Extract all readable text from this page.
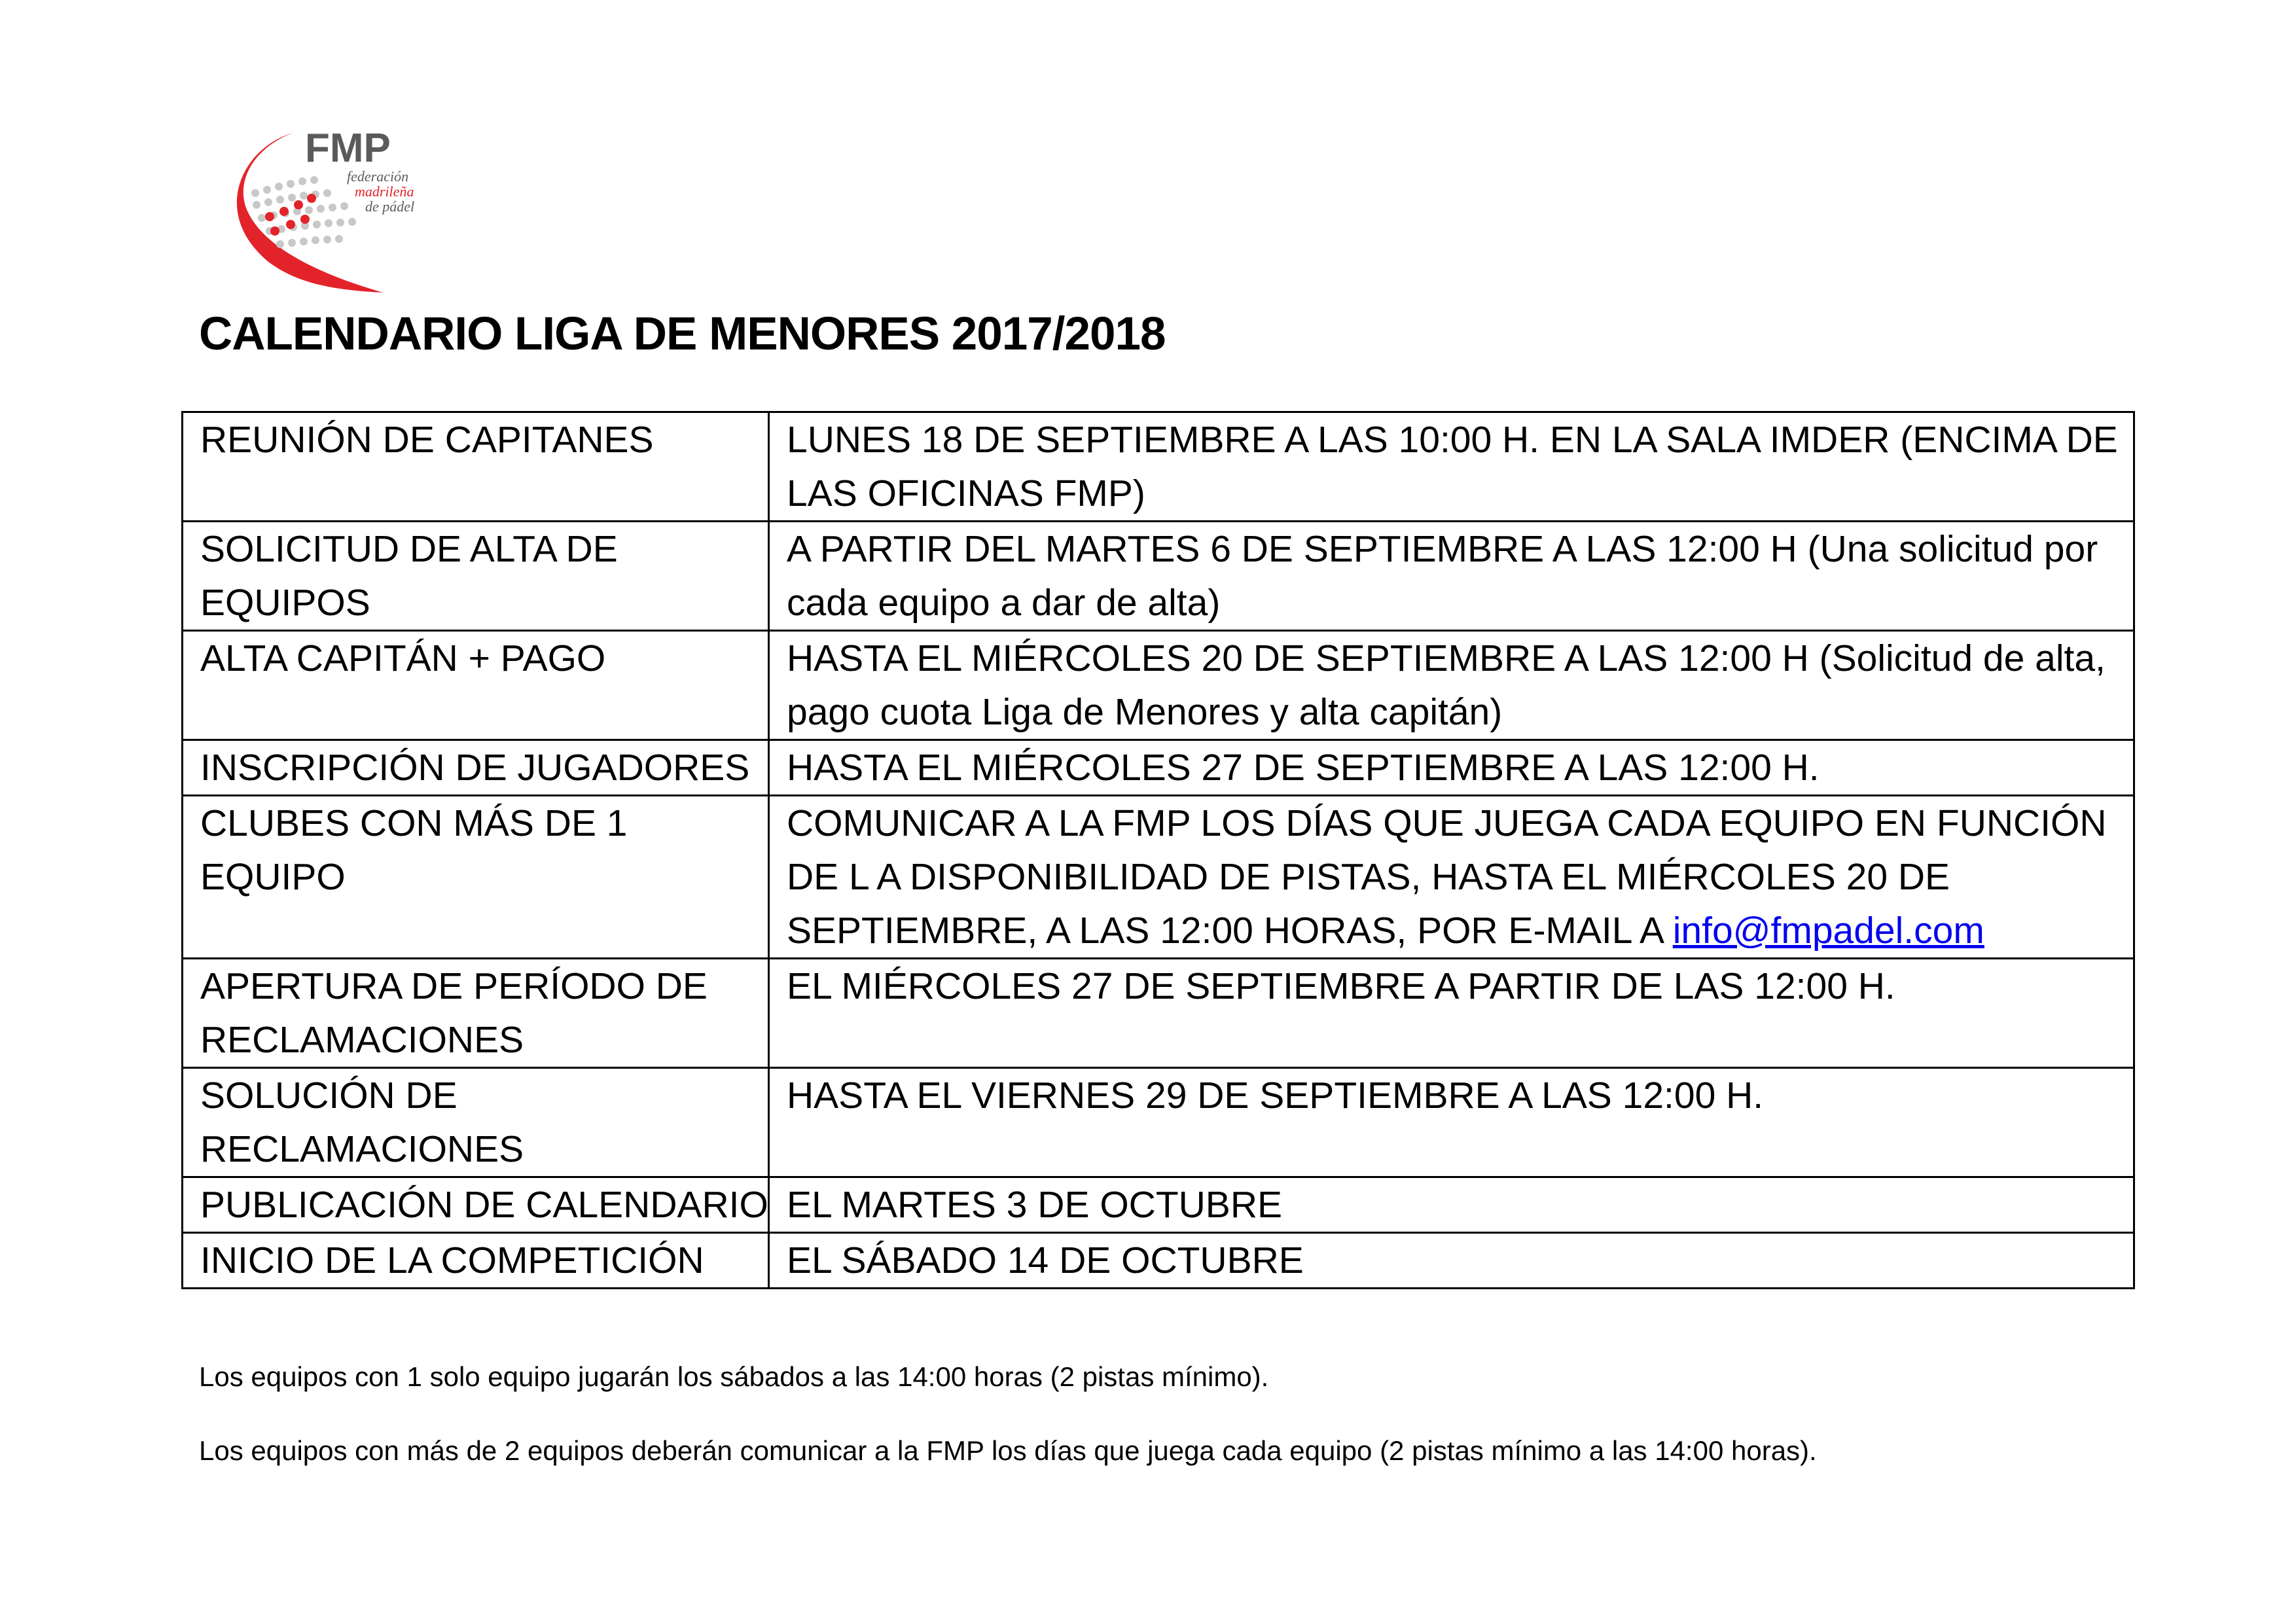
FMP
federación
madrileña
de pádel
CALENDARIO LIGA DE MENORES 2017/2018
REUNIÓN DE CAPITANES	LUNES 18 DE SEPTIEMBRE A LAS 10:00 H. EN LA SALA IMDER (ENCIMA DE
LAS OFICINAS FMP)

SOLICITUD DE ALTA DE
EQUIPOS	A PARTIR DEL MARTES 6 DE SEPTIEMBRE A LAS 12:00 H (Una solicitud por
cada equipo a dar de alta)

ALTA CAPITÁN + PAGO	HASTA EL MIÉRCOLES 20 DE SEPTIEMBRE A LAS 12:00 H (Solicitud de alta,
pago cuota Liga de Menores y alta capitán)

INSCRIPCIÓN DE JUGADORES	HASTA EL MIÉRCOLES 27 DE SEPTIEMBRE A LAS 12:00 H.

CLUBES CON MÁS DE 1
EQUIPO	COMUNICAR A LA FMP LOS DÍAS QUE JUEGA CADA EQUIPO EN FUNCIÓN
DE L A DISPONIBILIDAD DE PISTAS, HASTA EL MIÉRCOLES 20 DE
SEPTIEMBRE, A LAS 12:00 HORAS, POR E-MAIL A info@fmpadel.com

APERTURA DE PERÍODO DE
RECLAMACIONES	EL MIÉRCOLES 27 DE SEPTIEMBRE A PARTIR DE LAS 12:00 H.

SOLUCIÓN DE
RECLAMACIONES	HASTA EL VIERNES 29 DE SEPTIEMBRE A LAS 12:00 H.

PUBLICACIÓN DE CALENDARIO	EL MARTES 3 DE OCTUBRE

INICIO DE LA COMPETICIÓN	EL SÁBADO 14 DE OCTUBRE

Los equipos con 1 solo equipo jugarán los sábados a las 14:00 horas (2 pistas mínimo).

Los equipos con más de 2 equipos deberán comunicar a la FMP los días que juega cada equipo (2 pistas mínimo a las 14:00 horas).
